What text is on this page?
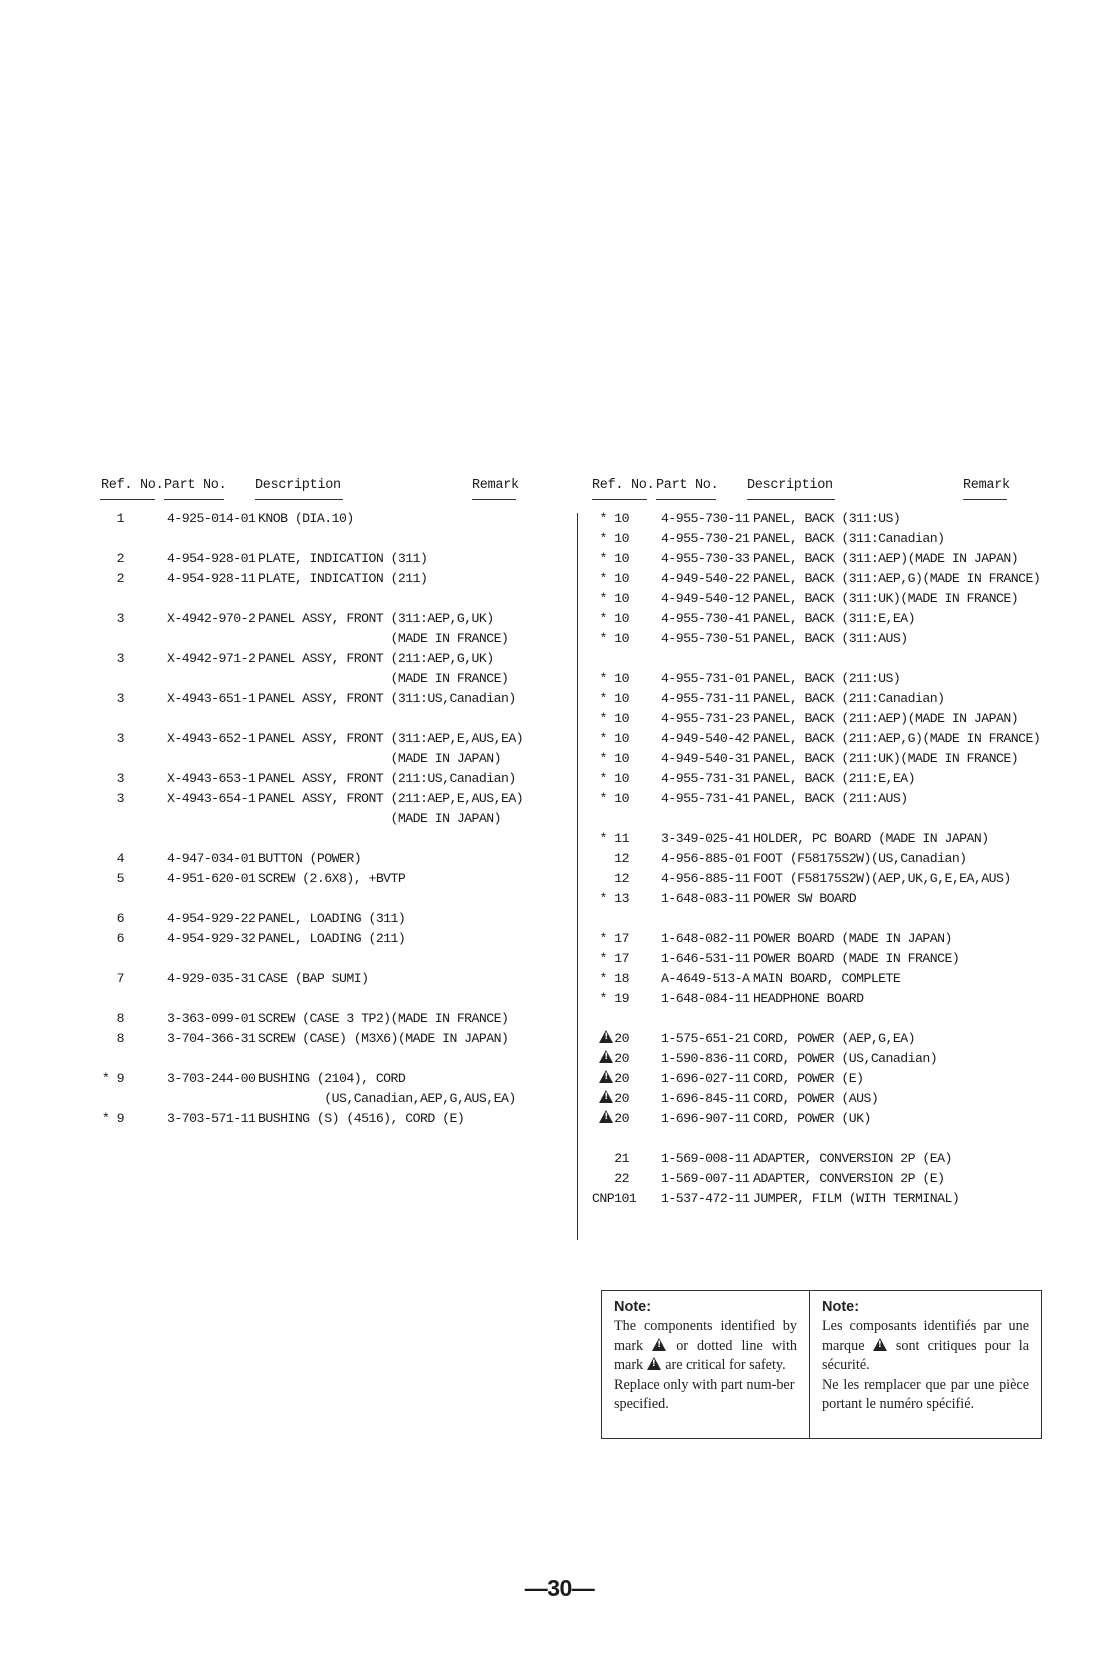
Ref. No. Part No. Description	Remark	Ref. No. Part No. Description	Remark
1	4-925-014-01 KNOB (DIA.10)
2	4-954-928-01 PLATE, INDICATION (311)
2	4-954-928-11 PLATE, INDICATION (211)
3	X-4942-970-2 PANEL ASSY, FRONT (311:AEP,G,UK)
(MADE IN FRANCE)
3	X-4942-971-2 PANEL ASSY, FRONT (211:AEP,G,UK)
(MADE IN FRANCE)
3	X-4943-651-1 PANEL ASSY, FRONT (311:US,Canadian)
3	X-4943-652-1 PANEL ASSY, FRONT (311:AEP,E,AUS,EA)
(MADE IN JAPAN)
3	X-4943-653-1 PANEL ASSY, FRONT (211:US,Canadian)
3	X-4943-654-1 PANEL ASSY, FRONT (211:AEP,E,AUS,EA)
(MADE IN JAPAN)
4	4-947-034-01 BUTTON (POWER)
5	4-951-620-01 SCREW (2.6X8), +BVTP
6	4-954-929-22 PANEL, LOADING (311)
6	4-954-929-32 PANEL, LOADING (211)
7	4-929-035-31 CASE (BAP SUMI)
8	3-363-099-01 SCREW (CASE 3 TP2)(MADE IN FRANCE)
8	3-704-366-31 SCREW (CASE) (M3X6)(MADE IN JAPAN)
* 9	3-703-244-00 BUSHING (2104), CORD
(US,Canadian,AEP,G,AUS,EA)
* 9	3-703-571-11 BUSHING (S) (4516), CORD (E)
* 10 4-955-730-11 PANEL, BACK (311:US)
* 10 4-955-730-21 PANEL, BACK (311:Canadian)
* 10 4-955-730-33 PANEL, BACK (311:AEP)(MADE IN JAPAN)
* 10 4-949-540-22 PANEL, BACK (311:AEP,G)(MADE IN FRANCE)
* 10 4-949-540-12 PANEL, BACK (311:UK)(MADE IN FRANCE)
* 10 4-955-730-41 PANEL, BACK (311:E,EA)
* 10 4-955-730-51 PANEL, BACK (311:AUS)
* 10 4-955-731-01 PANEL, BACK (211:US)
* 10 4-955-731-11 PANEL, BACK (211:Canadian)
* 10 4-955-731-23 PANEL, BACK (211:AEP)(MADE IN JAPAN)
* 10 4-949-540-42 PANEL, BACK (211:AEP,G)(MADE IN FRANCE)
* 10 4-949-540-31 PANEL, BACK (211:UK)(MADE IN FRANCE)
* 10 4-955-731-31 PANEL, BACK (211:E,EA)
* 10 4-955-731-41 PANEL, BACK (211:AUS)
* 11 3-349-025-41 HOLDER, PC BOARD (MADE IN JAPAN)
12 4-956-885-01 FOOT (F58175S2W)(US,Canadian)
12 4-956-885-11 FOOT (F58175S2W)(AEP,UK,G,E,EA,AUS)
* 13 1-648-083-11 POWER SW BOARD
* 17 1-648-082-11 POWER BOARD (MADE IN JAPAN)
* 17 1-646-531-11 POWER BOARD (MADE IN FRANCE)
* 18 A-4649-513-A MAIN BOARD, COMPLETE
* 19 1-648-084-11 HEADPHONE BOARD
!20 1-575-651-21 CORD, POWER (AEP,G,EA)
!20 1-590-836-11 CORD, POWER (US,Canadian)
!20 1-696-027-11 CORD, POWER (E)
!20 1-696-845-11 CORD, POWER (AUS)
!20 1-696-907-11 CORD, POWER (UK)
21 1-569-008-11 ADAPTER, CONVERSION 2P (EA)
22 1-569-007-11 ADAPTER, CONVERSION 2P (E)
CNP101 1-537-472-11 JUMPER, FILM (WITH TERMINAL)
Note:
The components identified by mark ! or dotted line with mark ! are critical for safety.
Replace only with part num-ber specified.
Note:
Les composants identifiés par une marque ! sont critiques pour la sécurité.
Ne les remplacer que par une pièce portant le numéro spécifié.
—30—
